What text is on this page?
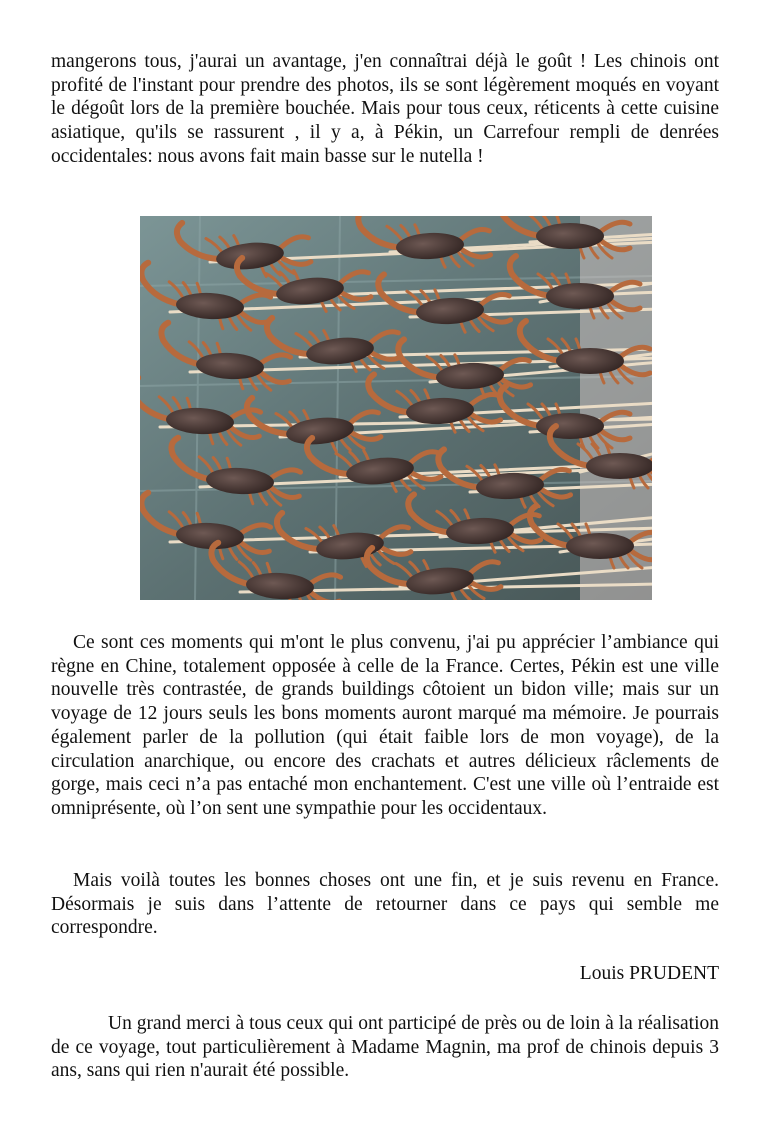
mangerons tous, j'aurai un avantage, j'en connaîtrai déjà le goût ! Les chinois ont profité de l'instant pour prendre des photos, ils se sont légèrement moqués en voyant le dégoût lors de la première bouchée. Mais pour tous ceux, réticents à cette cuisine asiatique, qu'ils se rassurent , il y a, à Pékin, un Carrefour rempli de denrées occidentales: nous avons fait main basse sur le nutella !

Ce sont ces moments qui m'ont le plus convenu, j'ai pu apprécier l’ambiance qui règne en Chine, totalement opposée à celle de la France. Certes, Pékin est une ville nouvelle très contrastée, de grands buildings côtoient un bidon ville; mais sur un voyage de 12 jours seuls les bons moments auront marqué ma mémoire. Je pourrais également parler de la pollution (qui était faible lors de mon voyage), de la circulation anarchique, ou encore des crachats et autres délicieux râclements de gorge, mais ceci n’a pas entaché mon enchantement. C'est une ville où l’entraide est omniprésente, où l’on sent une sympathie pour les occidentaux.

Mais voilà toutes les bonnes choses ont une fin, et je suis revenu en France. Désormais je suis dans l’attente de retourner dans ce pays qui semble me correspondre.

Louis PRUDENT

Un grand merci à tous ceux qui ont participé de près ou de loin à la réalisation de ce voyage, tout particulièrement à Madame Magnin, ma prof de chinois depuis 3 ans, sans qui rien n'aurait été possible.
